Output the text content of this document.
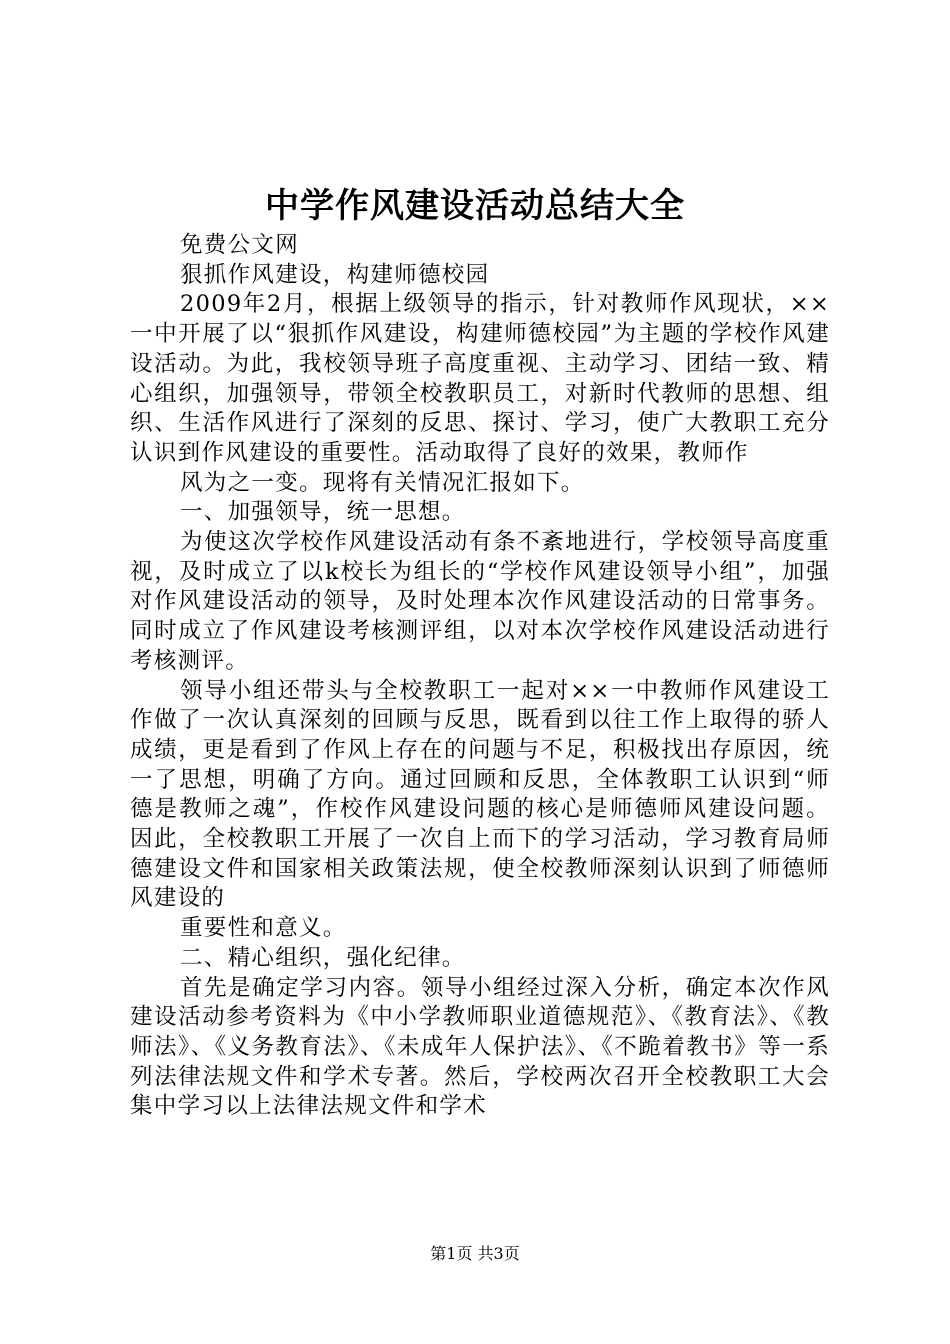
中学作风建设活动总结大全

免费公文网

狠抓作风建设，构建师德校园

2009年2月，根据上级领导的指示，针对教师作风现状，××一中开展了以“狠抓作风建设，构建师德校园”为主题的学校作风建设活动。为此，我校领导班子高度重视、主动学习、团结一致、精心组织，加强领导，带领全校教职员工，对新时代教师的思想、组织、生活作风进行了深刻的反思、探讨、学习，使广大教职工充分认识到作风建设的重要性。活动取得了良好的效果，教师作

风为之一变。现将有关情况汇报如下。

一、加强领导，统一思想。

为使这次学校作风建设活动有条不紊地进行，学校领导高度重视，及时成立了以k校长为组长的“学校作风建设领导小组”，加强对作风建设活动的领导，及时处理本次作风建设活动的日常事务。同时成立了作风建设考核测评组，以对本次学校作风建设活动进行考核测评。

领导小组还带头与全校教职工一起对××一中教师作风建设工作做了一次认真深刻的回顾与反思，既看到以往工作上取得的骄人成绩，更是看到了作风上存在的问题与不足，积极找出存原因，统一了思想，明确了方向。通过回顾和反思，全体教职工认识到“师德是教师之魂”，作校作风建设问题的核心是师德师风建设问题。因此，全校教职工开展了一次自上而下的学习活动，学习教育局师德建设文件和国家相关政策法规，使全校教师深刻认识到了师德师风建设的

重要性和意义。

二、精心组织，强化纪律。

首先是确定学习内容。领导小组经过深入分析，确定本次作风建设活动参考资料为《中小学教师职业道德规范》、《教育法》、《教师法》、《义务教育法》、《未成年人保护法》、《不跪着教书》等一系列法律法规文件和学术专著。然后，学校两次召开全校教职工大会集中学习以上法律法规文件和学术

第1页 共3页
